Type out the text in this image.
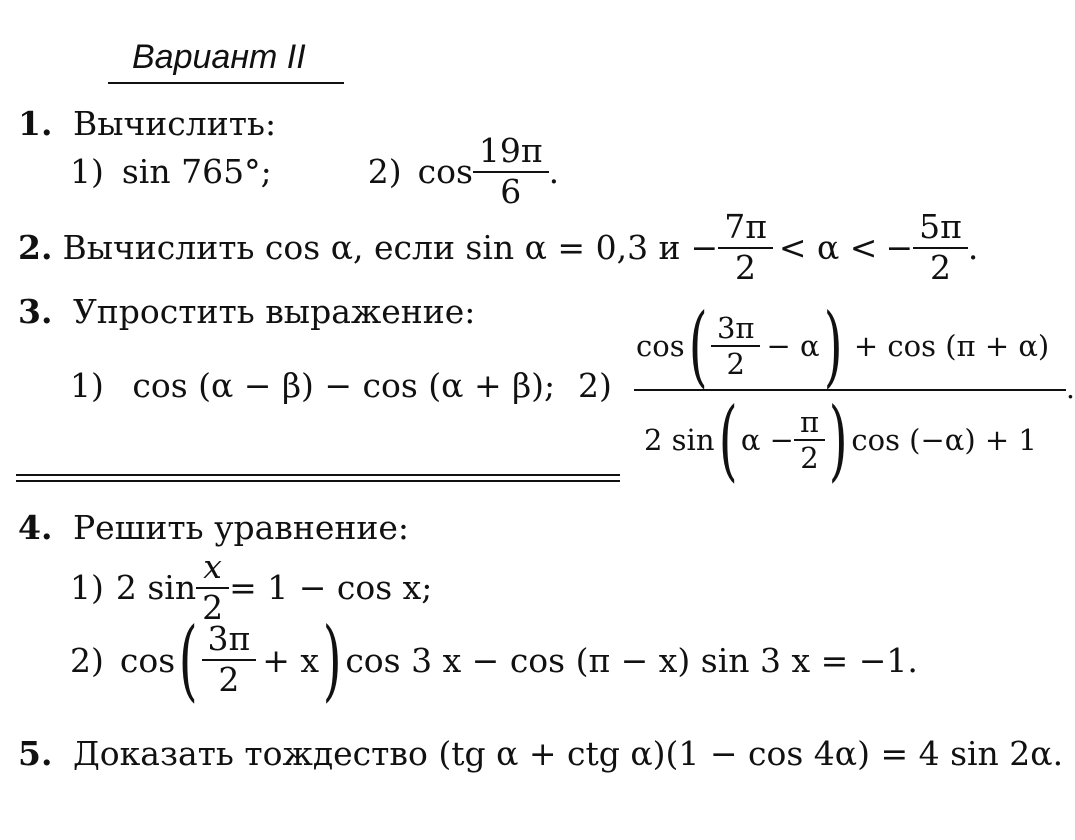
Вариант II
1. Вычислить:
1) sin 765°;	2) $\cos \frac{19\pi}{6}$ .
2. Вычислить cos α, если sin α = 0,3 $и - \frac{7\pi}{2} < \alpha$ < − $\frac{5\pi}{2}$ .
3. Упростить выражение:
1) cos (α − β) − cos (α + β); 2)
cos ( $\frac{3\pi}{2} - \alpha$ ) + cos (π + α)
.
2 sin ( $\alpha - \frac{\pi}{2}$ ) cos (−α) + 1
4. Решить уравнение:
1) 2 $\sin \frac{x}{2} = 1 - \cos x$;
2) cos ( $\frac{3\pi}{2} + x$ ) cos 3 x − cos (π − x) sin 3 x = −1.
5. Доказать тождество (tg α + ctg α)(1 − cos 4α) = 4 sin 2α.
